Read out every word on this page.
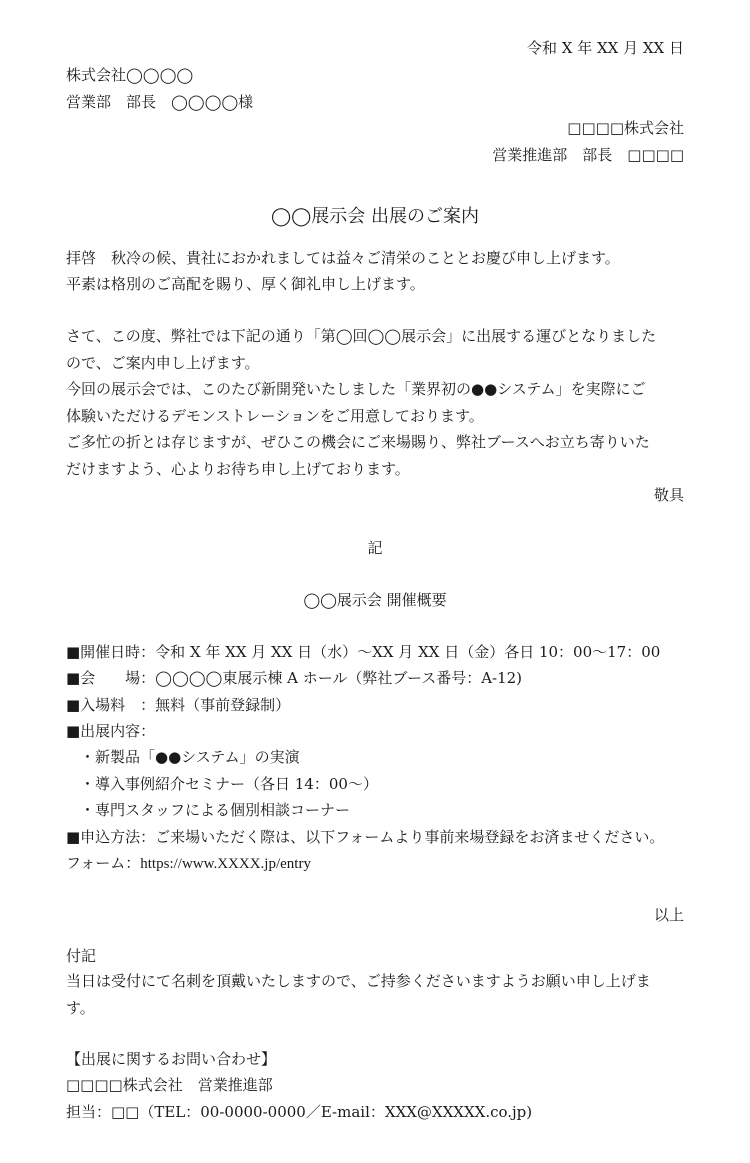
令和 X 年 XX 月 XX 日
株式会社◯◯◯◯
営業部　部長　◯◯◯◯様
□□□□株式会社
営業推進部　部長　□□□□
◯◯展示会 出展のご案内
拝啓　秋冷の候、貴社におかれましては益々ご清栄のこととお慶び申し上げます。
平素は格別のご高配を賜り、厚く御礼申し上げます。
さて、この度、弊社では下記の通り「第◯回◯◯展示会」に出展する運びとなりました
ので、ご案内申し上げます。
今回の展示会では、このたび新開発いたしました「業界初の●●システム」を実際にご
体験いただけるデモンストレーションをご用意しております。
ご多忙の折とは存じますが、ぜひこの機会にご来場賜り、弊社ブースへお立ち寄りいた
だけますよう、心よりお待ち申し上げております。
敬具
記
◯◯展示会 開催概要
■開催日時：令和 X 年 XX 月 XX 日（水）〜XX 月 XX 日（金）各日 10：00〜17：00
■会　　場：◯◯◯◯東展示棟 A ホール（弊社ブース番号：A-12)
■入場料　：無料（事前登録制）
■出展内容：
・新製品「●●システム」の実演
・導入事例紹介セミナー（各日 14：00〜）
・専門スタッフによる個別相談コーナー
■申込方法：ご来場いただく際は、以下フォームより事前来場登録をお済ませください。
フォーム：https://www.XXXX.jp/entry
以上
付記
当日は受付にて名刺を頂戴いたしますので、ご持参くださいますようお願い申し上げま
す。
【出展に関するお問い合わせ】
□□□□株式会社　営業推進部
担当：□□（TEL：00-0000-0000／E-mail：XXX@XXXXX.co.jp)
